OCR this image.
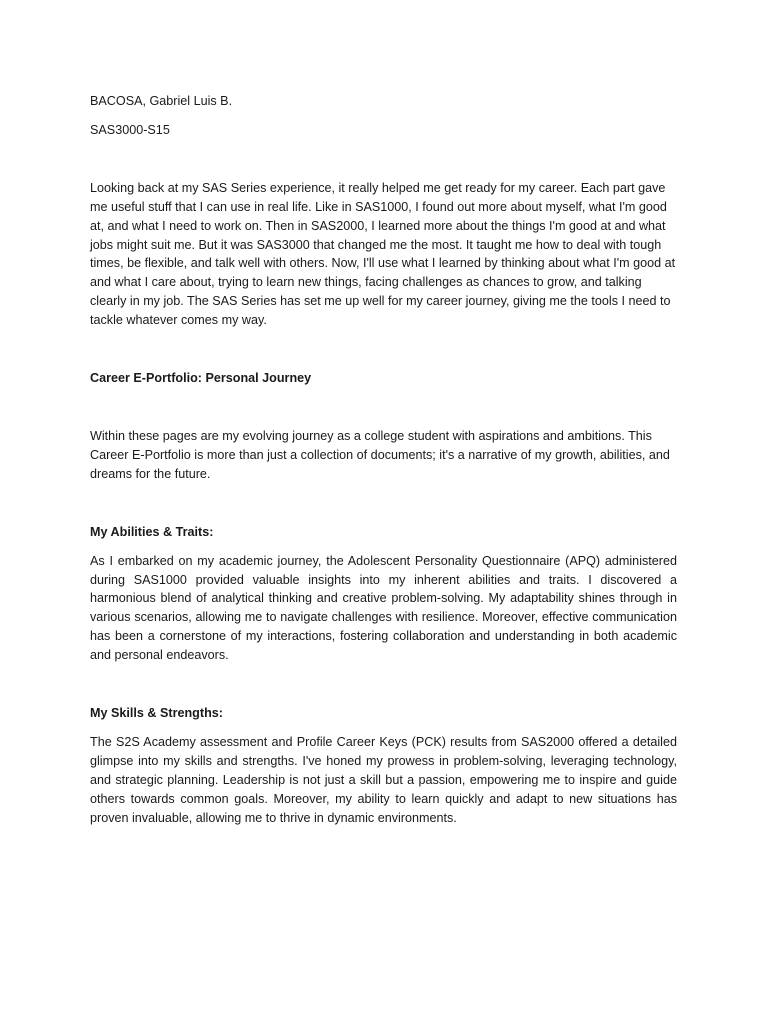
BACOSA, Gabriel Luis B.

SAS3000-S15

Looking back at my SAS Series experience, it really helped me get ready for my career. Each part gave me useful stuff that I can use in real life. Like in SAS1000, I found out more about myself, what I'm good at, and what I need to work on. Then in SAS2000, I learned more about the things I'm good at and what jobs might suit me. But it was SAS3000 that changed me the most. It taught me how to deal with tough times, be flexible, and talk well with others. Now, I'll use what I learned by thinking about what I'm good at and what I care about, trying to learn new things, facing challenges as chances to grow, and talking clearly in my job. The SAS Series has set me up well for my career journey, giving me the tools I need to tackle whatever comes my way.

Career E-Portfolio: Personal Journey

Within these pages are my evolving journey as a college student with aspirations and ambitions. This Career E-Portfolio is more than just a collection of documents; it's a narrative of my growth, abilities, and dreams for the future.

My Abilities & Traits:

As I embarked on my academic journey, the Adolescent Personality Questionnaire (APQ) administered during SAS1000 provided valuable insights into my inherent abilities and traits. I discovered a harmonious blend of analytical thinking and creative problem-solving. My adaptability shines through in various scenarios, allowing me to navigate challenges with resilience. Moreover, effective communication has been a cornerstone of my interactions, fostering collaboration and understanding in both academic and personal endeavors.

My Skills & Strengths:

The S2S Academy assessment and Profile Career Keys (PCK) results from SAS2000 offered a detailed glimpse into my skills and strengths. I've honed my prowess in problem-solving, leveraging technology, and strategic planning. Leadership is not just a skill but a passion, empowering me to inspire and guide others towards common goals. Moreover, my ability to learn quickly and adapt to new situations has proven invaluable, allowing me to thrive in dynamic environments.
